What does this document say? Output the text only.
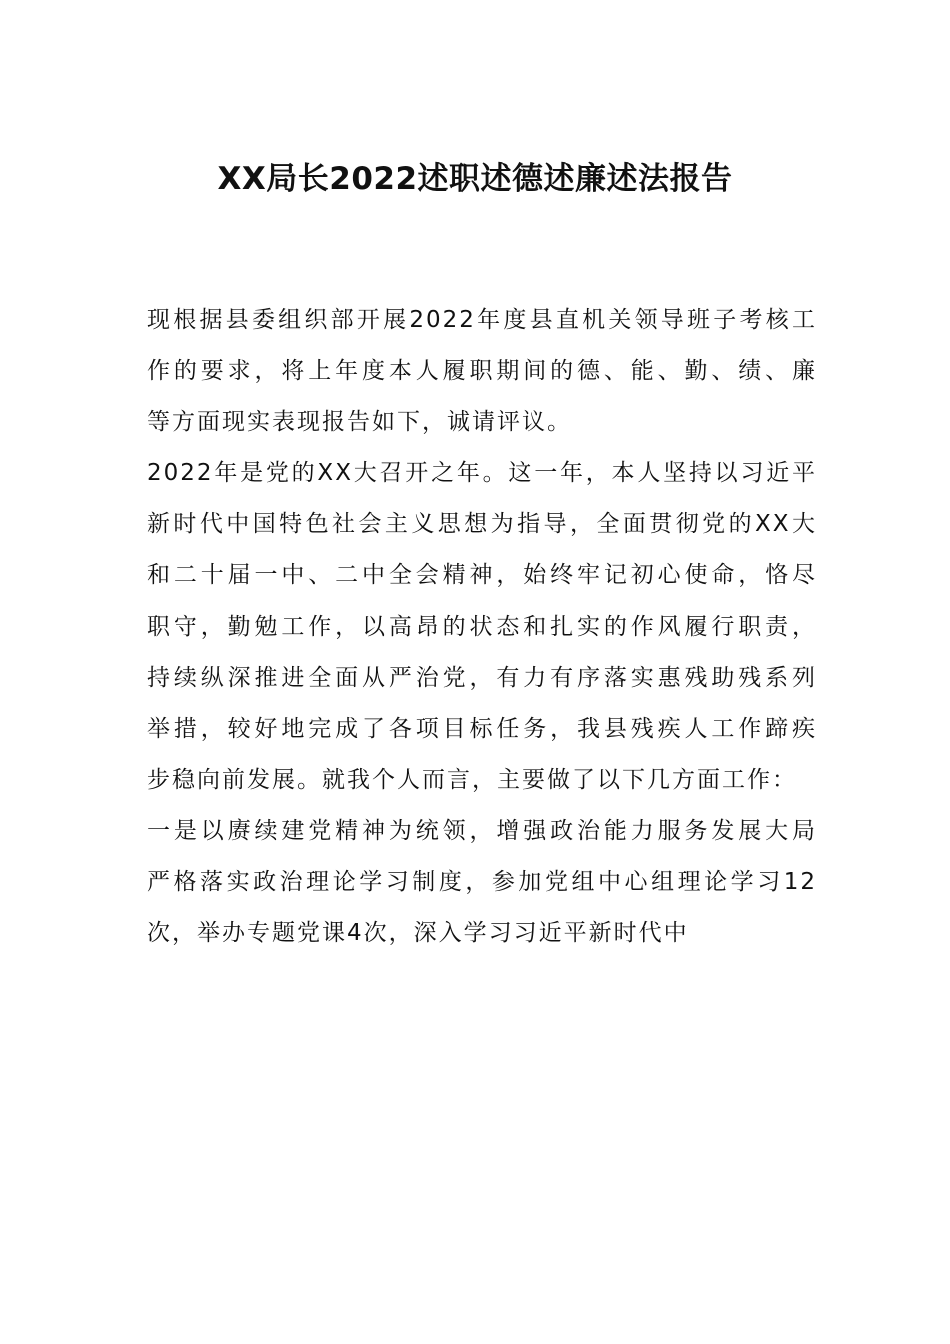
XX局长2022述职述德述廉述法报告
现根据县委组织部开展2022年度县直机关领导班子考核工
作的要求，将上年度本人履职期间的德、能、勤、绩、廉
等方面现实表现报告如下，诚请评议。
2022年是党的XX大召开之年。这一年，本人坚持以习近平
新时代中国特色社会主义思想为指导，全面贯彻党的XX大
和二十届一中、二中全会精神，始终牢记初心使命，恪尽
职守，勤勉工作，以高昂的状态和扎实的作风履行职责，
持续纵深推进全面从严治党，有力有序落实惠残助残系列
举措，较好地完成了各项目标任务，我县残疾人工作蹄疾
步稳向前发展。就我个人而言，主要做了以下几方面工作：
一是以赓续建党精神为统领，增强政治能力服务发展大局
严格落实政治理论学习制度，参加党组中心组理论学习12
次，举办专题党课4次，深入学习习近平新时代中
